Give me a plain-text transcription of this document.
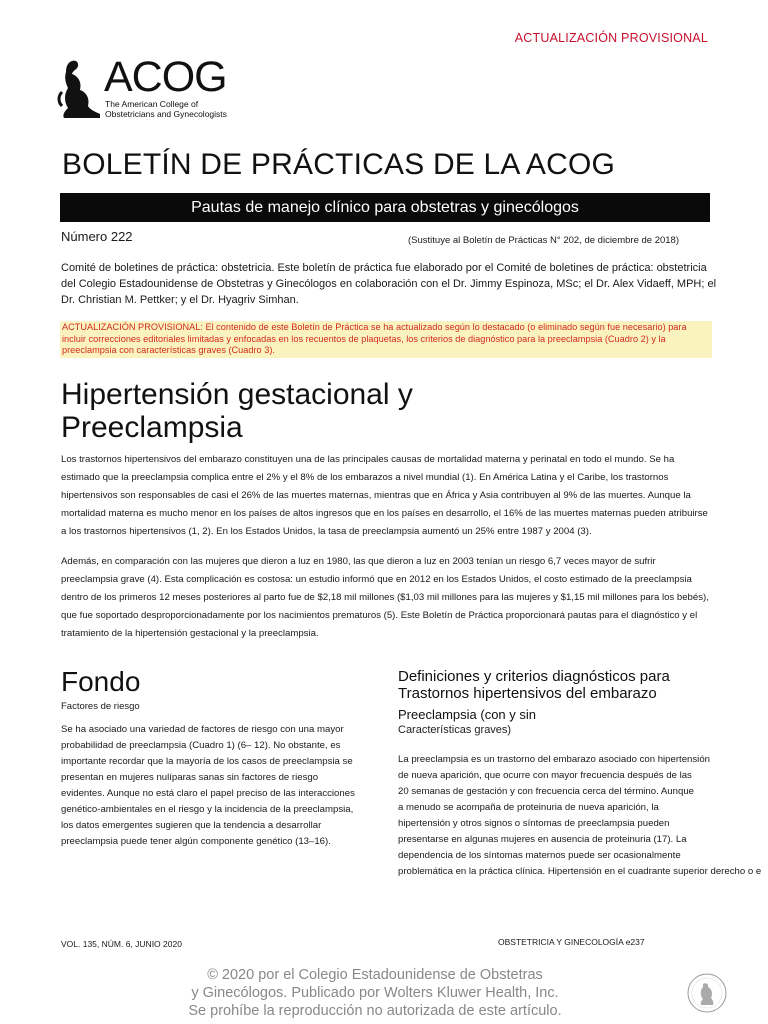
ACTUALIZACIÓN PROVISIONAL
ACOG
The American College of
Obstetricians and Gynecologists
BOLETÍN DE PRÁCTICAS DE LA ACOG
Pautas de manejo clínico para obstetras y ginecólogos
Número 222	(Sustituye al Boletín de Prácticas N° 202, de diciembre de 2018)
Comité de boletines de práctica: obstetricia. Este boletín de práctica fue elaborado por el Comité de boletines de práctica: obstetricia del Colegio Estadounidense de Obstetras y Ginecólogos en colaboración con el Dr. Jimmy Espinoza, MSc; el Dr. Alex Vidaeff, MPH; el Dr. Christian M. Pettker; y el Dr. Hyagriv Simhan.
ACTUALIZACIÓN PROVISIONAL: El contenido de este Boletín de Práctica se ha actualizado según lo destacado (o eliminado según fue necesario) para incluir correcciones editoriales limitadas y enfocadas en los recuentos de plaquetas, los criterios de diagnóstico para la preeclampsia (Cuadro 2) y la preeclampsia con características graves (Cuadro 3).
Hipertensión gestacional y Preeclampsia
Los trastornos hipertensivos del embarazo constituyen una de las principales causas de mortalidad materna y perinatal en todo el mundo. Se ha estimado que la preeclampsia complica entre el 2% y el 8% de los embarazos a nivel mundial (1). En América Latina y el Caribe, los trastornos hipertensivos son responsables de casi el 26% de las muertes maternas, mientras que en África y Asia contribuyen al 9% de las muertes. Aunque la mortalidad materna es mucho menor en los países de altos ingresos que en los países en desarrollo, el 16% de las muertes maternas pueden atribuirse a los trastornos hipertensivos (1, 2). En los Estados Unidos, la tasa de preeclampsia aumentó un 25% entre 1987 y 2004 (3).
Además, en comparación con las mujeres que dieron a luz en 1980, las que dieron a luz en 2003 tenían un riesgo 6,7 veces mayor de sufrir preeclampsia grave (4). Esta complicación es costosa: un estudio informó que en 2012 en los Estados Unidos, el costo estimado de la preeclampsia dentro de los primeros 12 meses posteriores al parto fue de $2,18 mil millones ($1,03 mil millones para las mujeres y $1,15 mil millones para los bebés), que fue soportado desproporcionadamente por los nacimientos prematuros (5). Este Boletín de Práctica proporcionará pautas para el diagnóstico y el tratamiento de la hipertensión gestacional y la preeclampsia.
Fondo
Factores de riesgo
Se ha asociado una variedad de factores de riesgo con una mayor probabilidad de preeclampsia (Cuadro 1) (6– 12). No obstante, es importante recordar que la mayoría de los casos de preeclampsia se presentan en mujeres nulíparas sanas sin factores de riesgo evidentes. Aunque no está claro el papel preciso de las interacciones genético-ambientales en el riesgo y la incidencia de la preeclampsia, los datos emergentes sugieren que la tendencia a desarrollar preeclampsia puede tener algún componente genético (13–16).
Definiciones y criterios diagnósticos para Trastornos hipertensivos del embarazo
Preeclampsia (con y sin
Características graves)
La preeclampsia es un trastorno del embarazo asociado con hipertensión
de nueva aparición, que ocurre con mayor frecuencia después de las
20 semanas de gestación y con frecuencia cerca del término. Aunque
a menudo se acompaña de proteinuria de nueva aparición, la
hipertensión y otros signos o síntomas de preeclampsia pueden
presentarse en algunas mujeres en ausencia de proteinuria (17). La
dependencia de los síntomas maternos puede ser ocasionalmente
problemática en la práctica clínica. Hipertensión en el cuadrante superior derecho o e
VOL. 135, NÚM. 6, JUNIO 2020	OBSTETRICIA Y GINECOLOGÍA e237
© 2020 por el Colegio Estadounidense de Obstetras
y Ginecólogos. Publicado por Wolters Kluwer Health, Inc.
Se prohíbe la reproducción no autorizada de este artículo.
